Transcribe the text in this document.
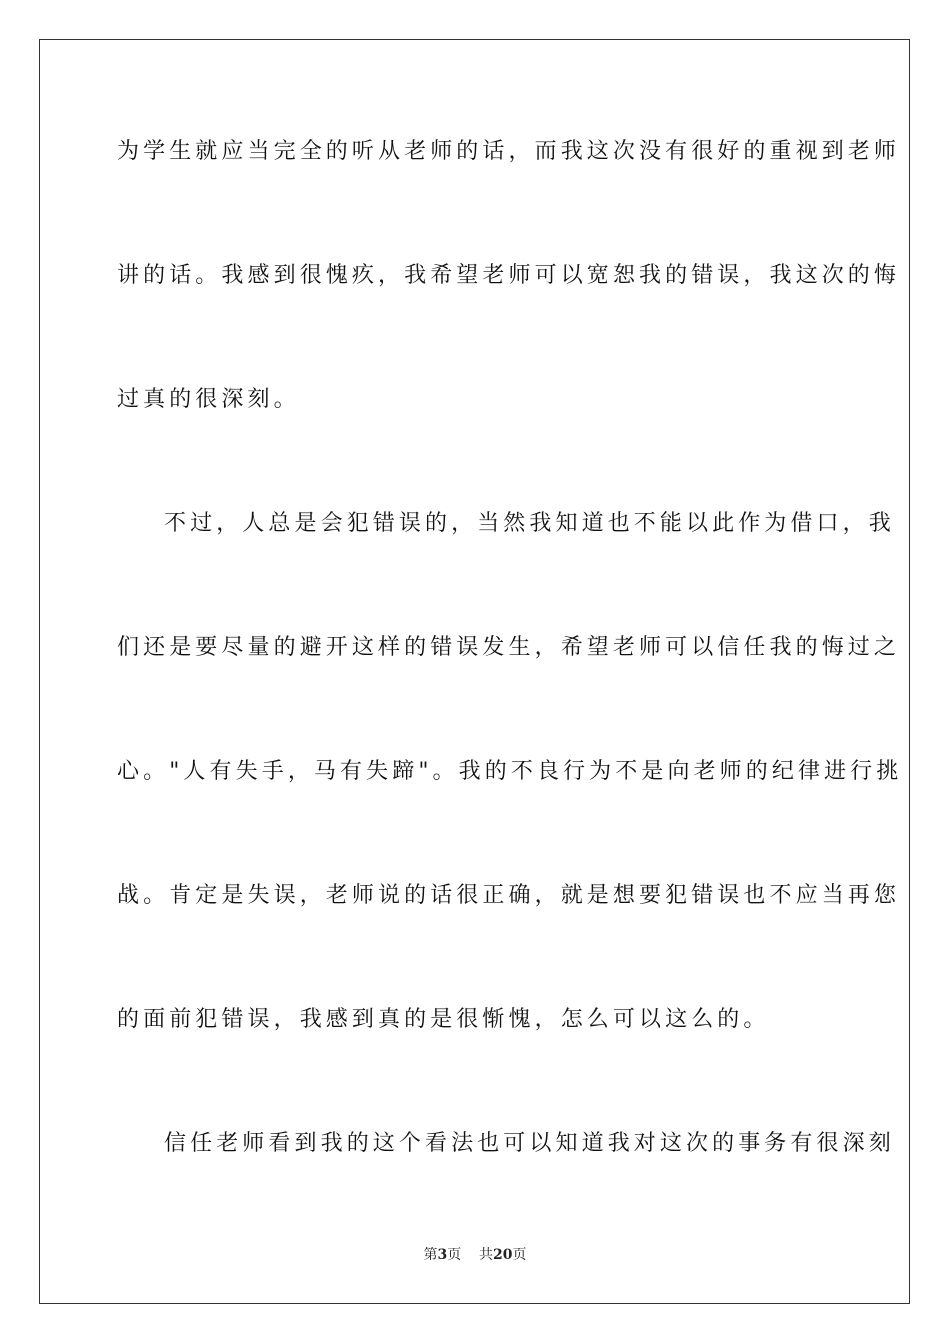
为学生就应当完全的听从老师的话，而我这次没有很好的重视到老师
讲的话。我感到很愧疚，我希望老师可以宽恕我的错误，我这次的悔
过真的很深刻。
不过，人总是会犯错误的，当然我知道也不能以此作为借口，我
们还是要尽量的避开这样的错误发生，希望老师可以信任我的悔过之
心。"人有失手，马有失蹄"。我的不良行为不是向老师的纪律进行挑
战。肯定是失误，老师说的话很正确，就是想要犯错误也不应当再您
的面前犯错误，我感到真的是很惭愧，怎么可以这么的。
信任老师看到我的这个看法也可以知道我对这次的事务有很深刻
第3页 共20页
